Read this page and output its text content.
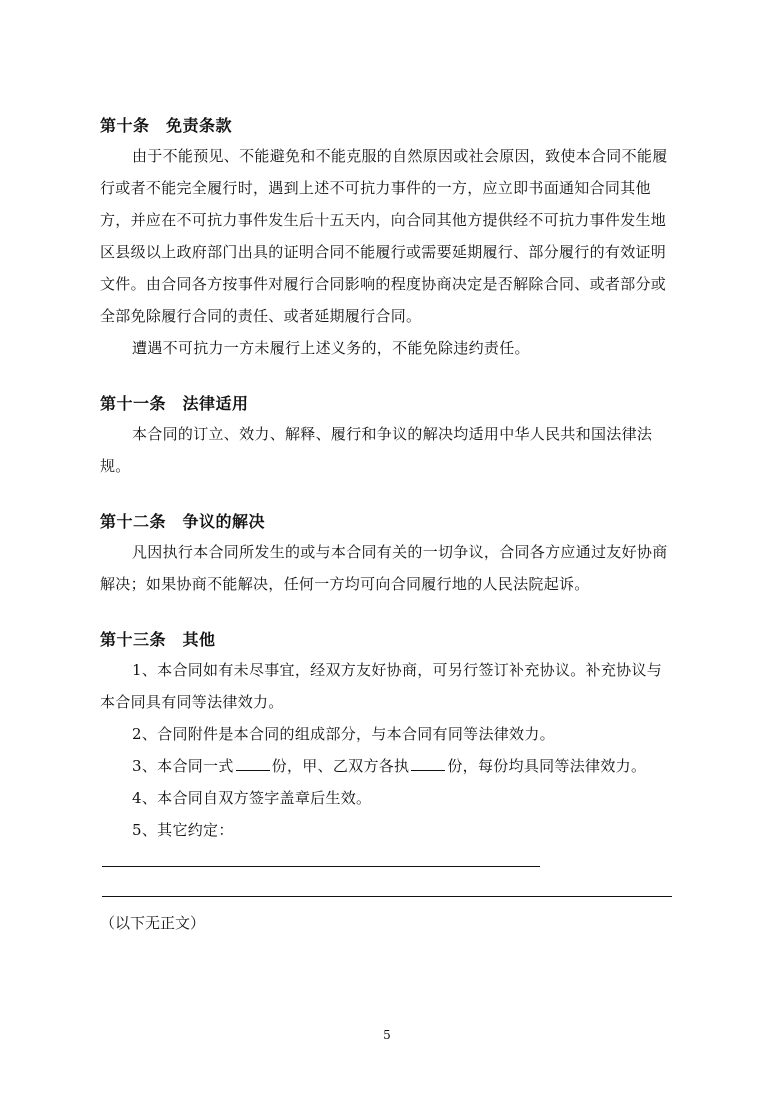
第十条　免责条款

由于不能预见、不能避免和不能克服的自然原因或社会原因，致使本合同不能履行或者不能完全履行时，遇到上述不可抗力事件的一方，应立即书面通知合同其他方，并应在不可抗力事件发生后十五天内，向合同其他方提供经不可抗力事件发生地区县级以上政府部门出具的证明合同不能履行或需要延期履行、部分履行的有效证明文件。由合同各方按事件对履行合同影响的程度协商决定是否解除合同、或者部分或全部免除履行合同的责任、或者延期履行合同。

遭遇不可抗力一方未履行上述义务的，不能免除违约责任。

第十一条　法律适用

本合同的订立、效力、解释、履行和争议的解决均适用中华人民共和国法律法规。

第十二条　争议的解决

凡因执行本合同所发生的或与本合同有关的一切争议，合同各方应通过友好协商解决；如果协商不能解决，任何一方均可向合同履行地的人民法院起诉。

第十三条　其他

1、本合同如有未尽事宜，经双方友好协商，可另行签订补充协议。补充协议与本合同具有同等法律效力。

2、合同附件是本合同的组成部分，与本合同有同等法律效力。

3、本合同一式	份，甲、乙双方各执	份，每份均具同等法律效力。

4、本合同自双方签字盖章后生效。

5、其它约定：

（以下无正文）
5
